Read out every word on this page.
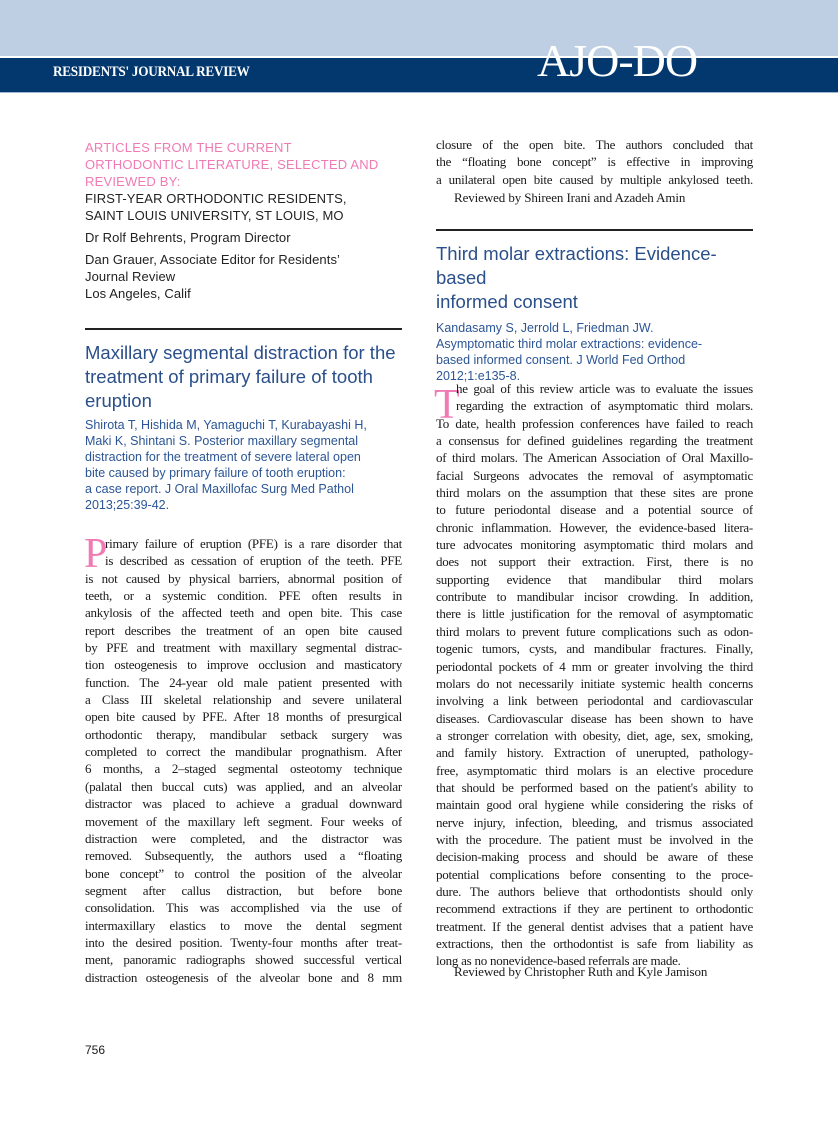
RESIDENTS' JOURNAL REVIEW	AJO-DO
ARTICLES FROM THE CURRENT
ORTHODONTIC LITERATURE, SELECTED AND
REVIEWED BY:
FIRST-YEAR ORTHODONTIC RESIDENTS,
SAINT LOUIS UNIVERSITY, ST LOUIS, MO
Dr Rolf Behrents, Program Director
Dan Grauer, Associate Editor for Residents’
Journal Review
Los Angeles, Calif
Maxillary segmental distraction for the
treatment of primary failure of tooth
eruption
Shirota T, Hishida M, Yamaguchi T, Kurabayashi H,
Maki K, Shintani S. Posterior maxillary segmental
distraction for the treatment of severe lateral open
bite caused by primary failure of tooth eruption:
a case report. J Oral Maxillofac Surg Med Pathol
2013;25:39-42.
P
rimary failure of eruption (PFE) is a rare disorder that
is described as cessation of eruption of the teeth. PFE
is not caused by physical barriers, abnormal position of
teeth, or a systemic condition. PFE often results in
ankylosis of the affected teeth and open bite. This case
report describes the treatment of an open bite caused
by PFE and treatment with maxillary segmental distrac-
tion osteogenesis to improve occlusion and masticatory
function. The 24-year old male patient presented with
a Class III skeletal relationship and severe unilateral
open bite caused by PFE. After 18 months of presurgical
orthodontic therapy, mandibular setback surgery was
completed to correct the mandibular prognathism. After
6 months, a 2–staged segmental osteotomy technique
(palatal then buccal cuts) was applied, and an alveolar
distractor was placed to achieve a gradual downward
movement of the maxillary left segment. Four weeks of
distraction were completed, and the distractor was
removed. Subsequently, the authors used a “floating
bone concept” to control the position of the alveolar
segment after callus distraction, but before bone
consolidation. This was accomplished via the use of
intermaxillary elastics to move the dental segment
into the desired position. Twenty-four months after treat-
ment, panoramic radiographs showed successful vertical
distraction osteogenesis of the alveolar bone and 8 mm
closure of the open bite. The authors concluded that
the “floating bone concept” is effective in improving
a unilateral open bite caused by multiple ankylosed teeth.
Reviewed by Shireen Irani and Azadeh Amin
Third molar extractions: Evidence-based
informed consent
Kandasamy S, Jerrold L, Friedman JW.
Asymptomatic third molar extractions: evidence-
based informed consent. J World Fed Orthod
2012;1:e135-8.
T
he goal of this review article was to evaluate the issues
regarding the extraction of asymptomatic third molars.
To date, health profession conferences have failed to reach
a consensus for defined guidelines regarding the treatment
of third molars. The American Association of Oral Maxillo-
facial Surgeons advocates the removal of asymptomatic
third molars on the assumption that these sites are prone
to future periodontal disease and a potential source of
chronic inflammation. However, the evidence-based litera-
ture advocates monitoring asymptomatic third molars and
does not support their extraction. First, there is no
supporting evidence that mandibular third molars
contribute to mandibular incisor crowding. In addition,
there is little justification for the removal of asymptomatic
third molars to prevent future complications such as odon-
togenic tumors, cysts, and mandibular fractures. Finally,
periodontal pockets of 4 mm or greater involving the third
molars do not necessarily initiate systemic health concerns
involving a link between periodontal and cardiovascular
diseases. Cardiovascular disease has been shown to have
a stronger correlation with obesity, diet, age, sex, smoking,
and family history. Extraction of unerupted, pathology-
free, asymptomatic third molars is an elective procedure
that should be performed based on the patient's ability to
maintain good oral hygiene while considering the risks of
nerve injury, infection, bleeding, and trismus associated
with the procedure. The patient must be involved in the
decision-making process and should be aware of these
potential complications before consenting to the proce-
dure. The authors believe that orthodontists should only
recommend extractions if they are pertinent to orthodontic
treatment. If the general dentist advises that a patient have
extractions, then the orthodontist is safe from liability as
long as no nonevidence-based referrals are made.
Reviewed by Christopher Ruth and Kyle Jamison
756
